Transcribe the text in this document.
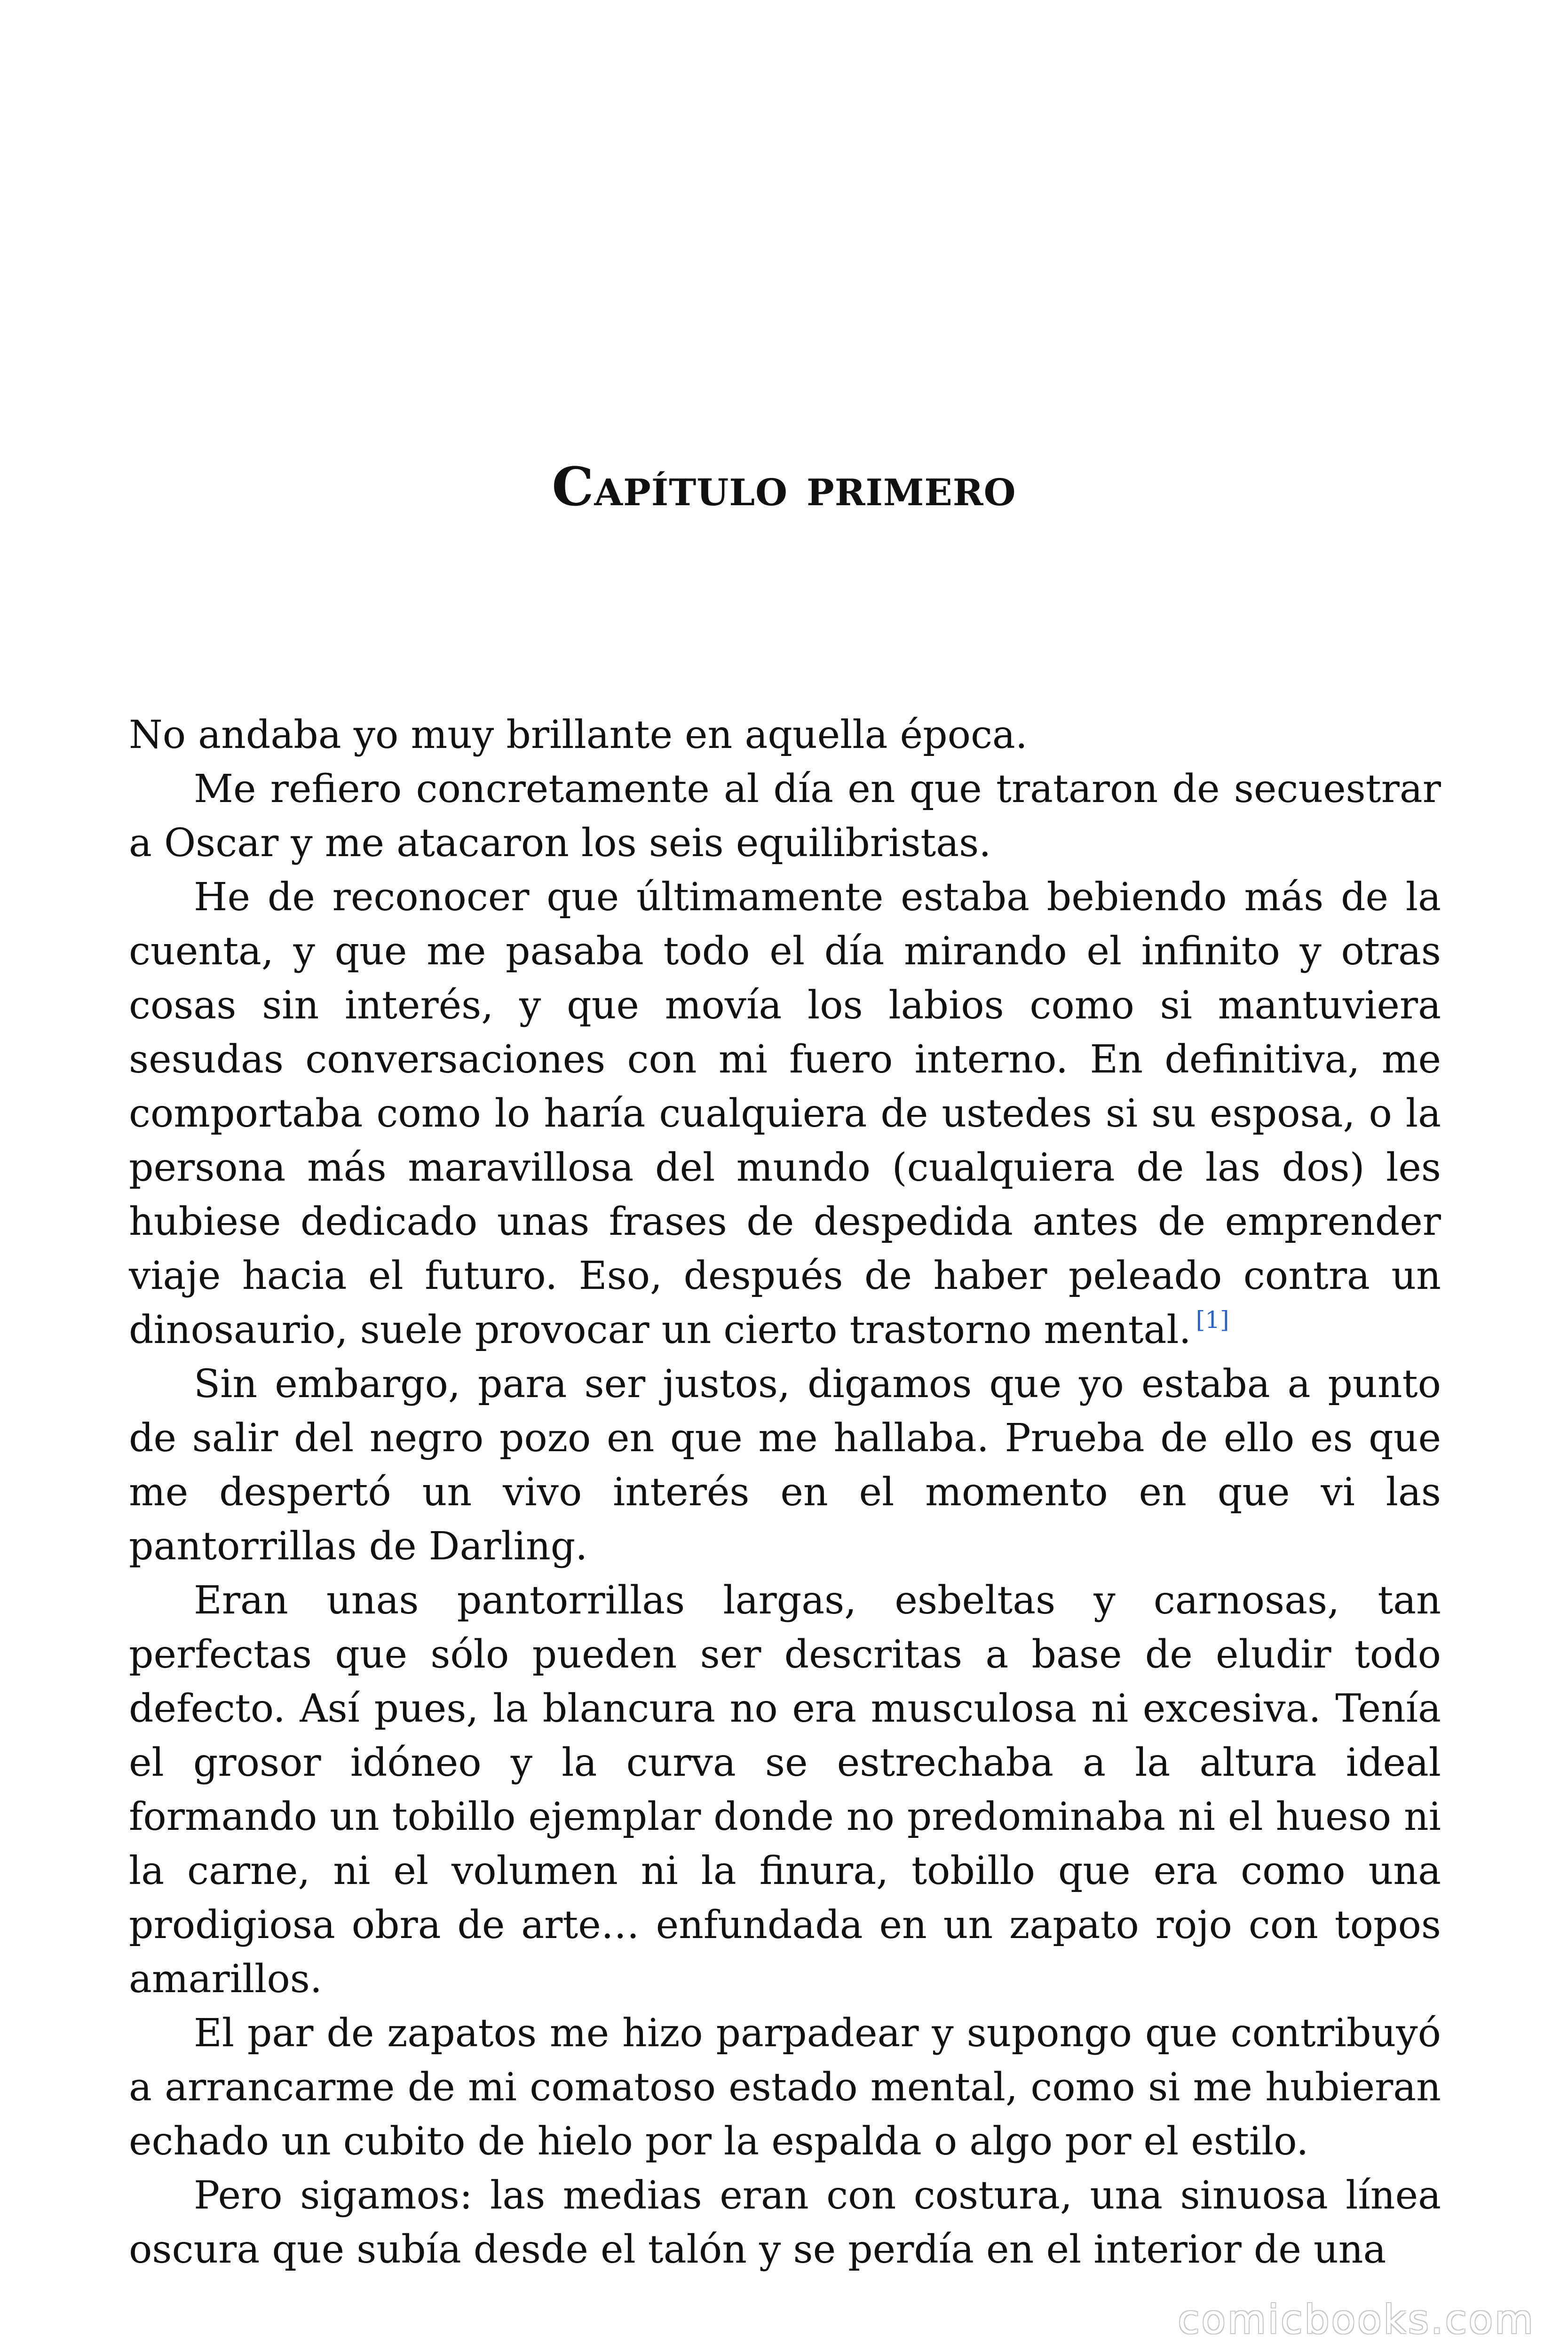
Capítulo primero

No andaba yo muy brillante en aquella época.

Me refiero concretamente al día en que trataron de secuestrar a Oscar y me atacaron los seis equilibristas.

He de reconocer que últimamente estaba bebiendo más de la cuenta, y que me pasaba todo el día mirando el infinito y otras cosas sin interés, y que movía los labios como si mantuviera sesudas conversaciones con mi fuero interno. En definitiva, me comportaba como lo haría cualquiera de ustedes si su esposa, o la persona más maravillosa del mundo (cualquiera de las dos) les hubiese dedicado unas frases de despedida antes de emprender viaje hacia el futuro. Eso, después de haber peleado contra un dinosaurio, suele provocar un cierto trastorno mental. [1]

Sin embargo, para ser justos, digamos que yo estaba a punto de salir del negro pozo en que me hallaba. Prueba de ello es que me despertó un vivo interés en el momento en que vi las pantorrillas de Darling.

Eran unas pantorrillas largas, esbeltas y carnosas, tan perfectas que sólo pueden ser descritas a base de eludir todo defecto. Así pues, la blancura no era musculosa ni excesiva. Tenía el grosor idóneo y la curva se estrechaba a la altura ideal formando un tobillo ejemplar donde no predominaba ni el hueso ni la carne, ni el volumen ni la finura, tobillo que era como una prodigiosa obra de arte… enfundada en un zapato rojo con topos amarillos.

El par de zapatos me hizo parpadear y supongo que contribuyó a arrancarme de mi comatoso estado mental, como si me hubieran echado un cubito de hielo por la espalda o algo por el estilo.

Pero sigamos: las medias eran con costura, una sinuosa línea oscura que subía desde el talón y se perdía en el interior de una

comicbooks.com
